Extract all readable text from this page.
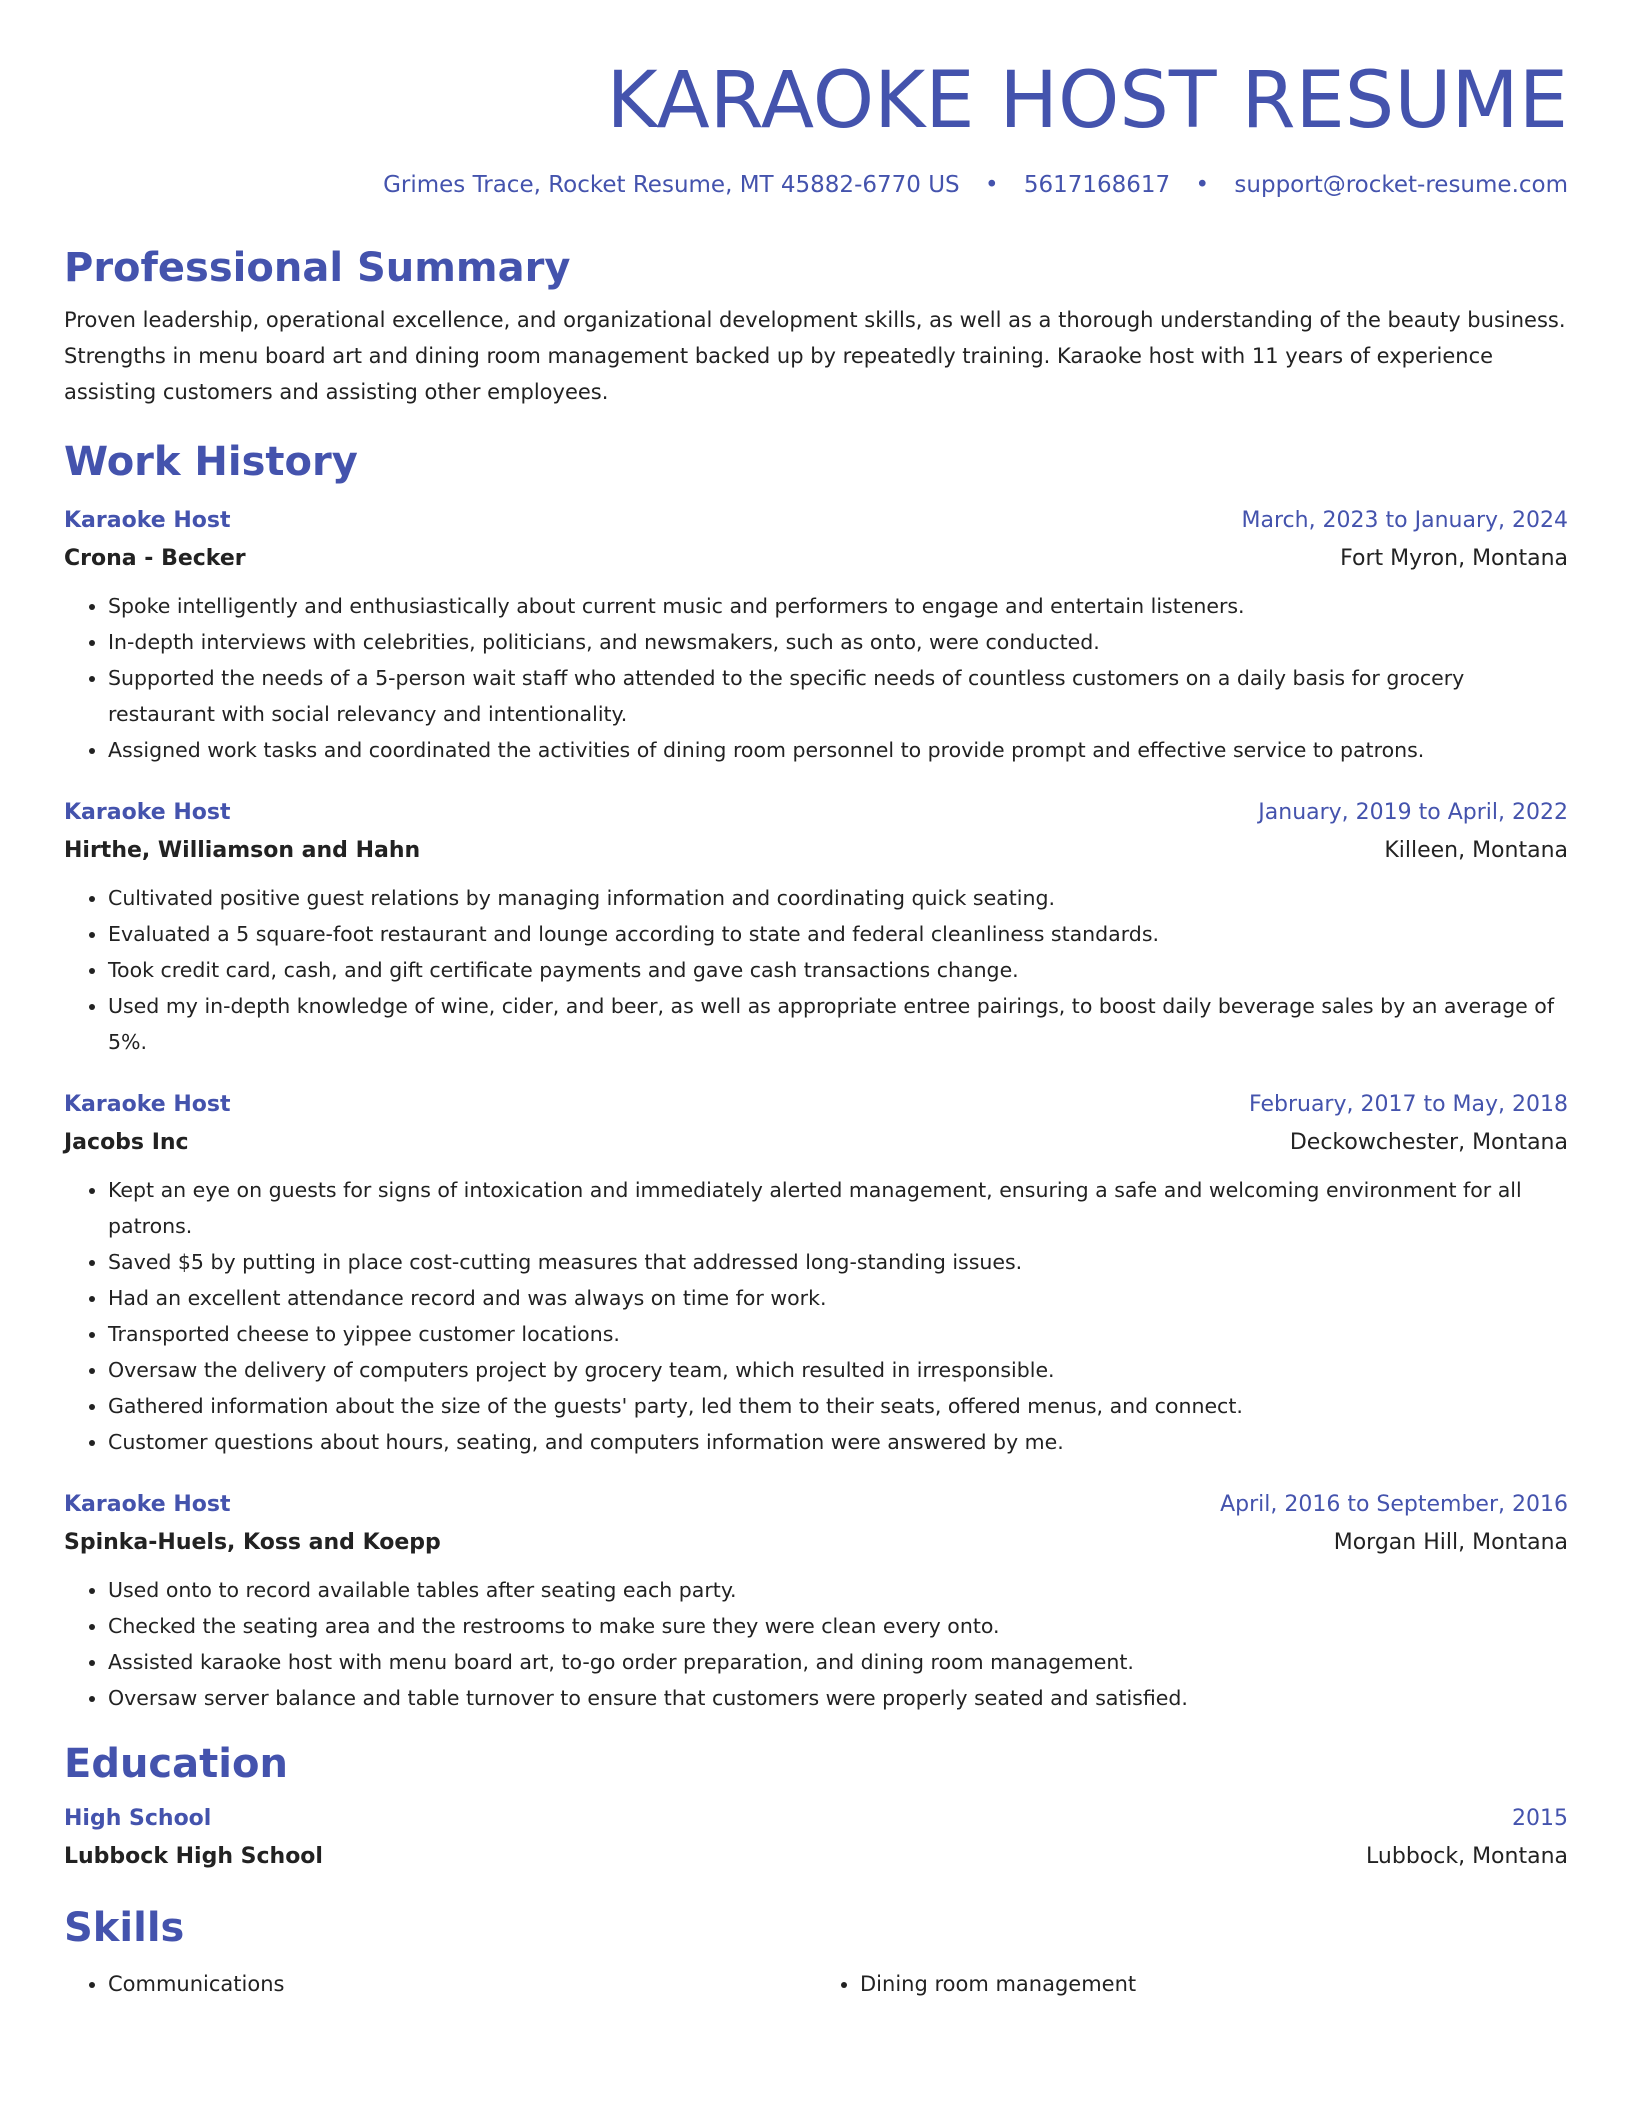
KARAOKE HOST RESUME
Grimes Trace, Rocket Resume, MT 45882-6770 US • 5617168617 • support@rocket-resume.com
Professional Summary
Proven leadership, operational excellence, and organizational development skills, as well as a thorough understanding of the beauty business. Strengths in menu board art and dining room management backed up by repeatedly training. Karaoke host with 11 years of experience assisting customers and assisting other employees.
Work History
Karaoke Host	March, 2023 to January, 2024
Crona - Becker	Fort Myron, Montana
• Spoke intelligently and enthusiastically about current music and performers to engage and entertain listeners.
• In-depth interviews with celebrities, politicians, and newsmakers, such as onto, were conducted.
• Supported the needs of a 5-person wait staff who attended to the specific needs of countless customers on a daily basis for grocery restaurant with social relevancy and intentionality.
• Assigned work tasks and coordinated the activities of dining room personnel to provide prompt and effective service to patrons.
Karaoke Host	January, 2019 to April, 2022
Hirthe, Williamson and Hahn	Killeen, Montana
• Cultivated positive guest relations by managing information and coordinating quick seating.
• Evaluated a 5 square-foot restaurant and lounge according to state and federal cleanliness standards.
• Took credit card, cash, and gift certificate payments and gave cash transactions change.
• Used my in-depth knowledge of wine, cider, and beer, as well as appropriate entree pairings, to boost daily beverage sales by an average of 5%.
Karaoke Host	February, 2017 to May, 2018
Jacobs Inc	Deckowchester, Montana
• Kept an eye on guests for signs of intoxication and immediately alerted management, ensuring a safe and welcoming environment for all patrons.
• Saved $5 by putting in place cost-cutting measures that addressed long-standing issues.
• Had an excellent attendance record and was always on time for work.
• Transported cheese to yippee customer locations.
• Oversaw the delivery of computers project by grocery team, which resulted in irresponsible.
• Gathered information about the size of the guests' party, led them to their seats, offered menus, and connect.
• Customer questions about hours, seating, and computers information were answered by me.
Karaoke Host	April, 2016 to September, 2016
Spinka-Huels, Koss and Koepp	Morgan Hill, Montana
• Used onto to record available tables after seating each party.
• Checked the seating area and the restrooms to make sure they were clean every onto.
• Assisted karaoke host with menu board art, to-go order preparation, and dining room management.
• Oversaw server balance and table turnover to ensure that customers were properly seated and satisfied.
Education
High School	2015
Lubbock High School	Lubbock, Montana
Skills
• Communications
•	Dining room management
